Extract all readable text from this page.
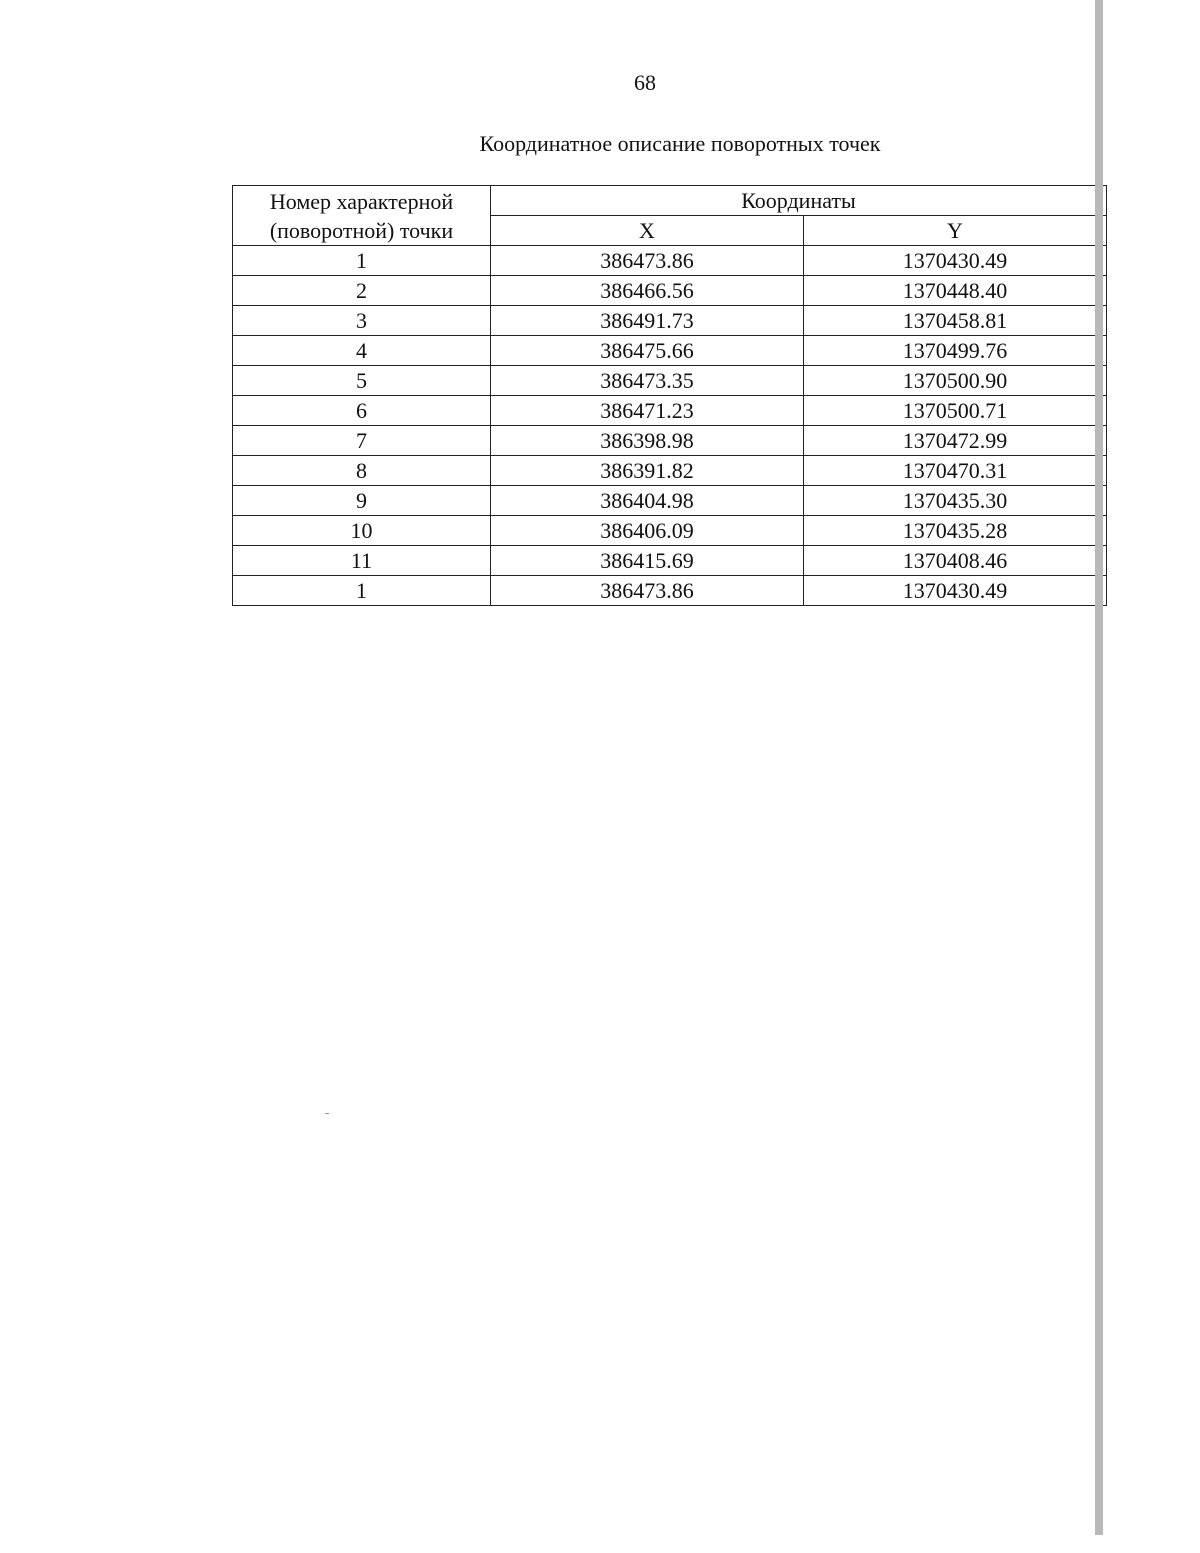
68
Координатное описание поворотных точек
Номер характерной (поворотной) точки	Координаты	
	X	Y
1	386473.86	1370430.49
2	386466.56	1370448.40
3	386491.73	1370458.81
4	386475.66	1370499.76
5	386473.35	1370500.90
6	386471.23	1370500.71
7	386398.98	1370472.99
8	386391.82	1370470.31
9	386404.98	1370435.30
10	386406.09	1370435.28
11	386415.69	1370408.46
1	386473.86	1370430.49
